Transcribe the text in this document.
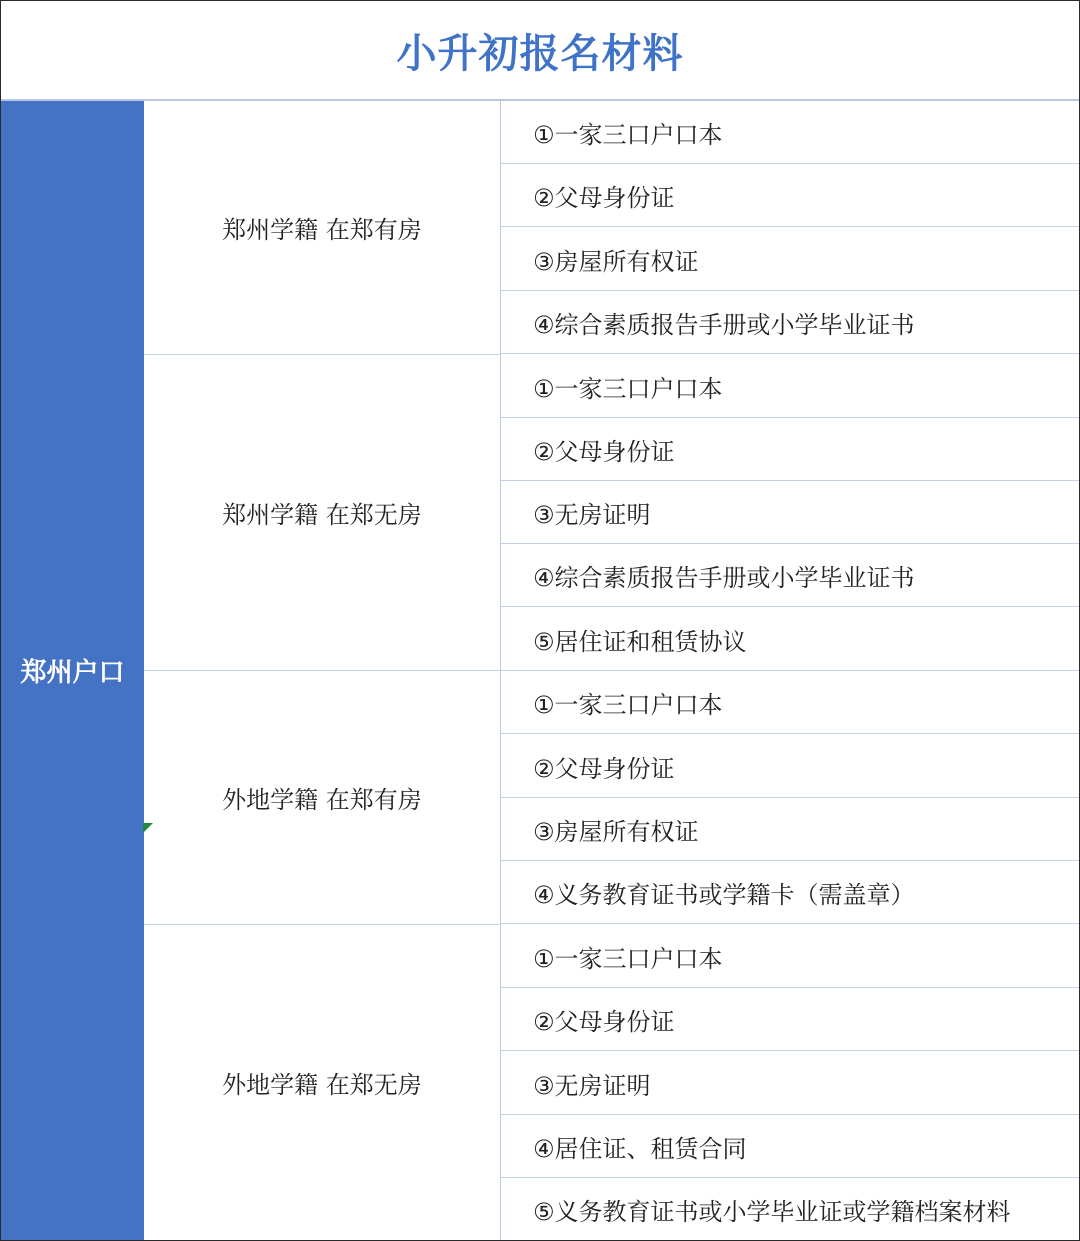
小升初报名材料
郑州户口
郑州学籍 在郑有房
郑州学籍 在郑无房
外地学籍 在郑有房
外地学籍 在郑无房
①一家三口户口本
②父母身份证
③房屋所有权证
④综合素质报告手册或小学毕业证书
①一家三口户口本
②父母身份证
③无房证明
④综合素质报告手册或小学毕业证书
⑤居住证和租赁协议
①一家三口户口本
②父母身份证
③房屋所有权证
④义务教育证书或学籍卡（需盖章）
①一家三口户口本
②父母身份证
③无房证明
④居住证、租赁合同
⑤义务教育证书或小学毕业证或学籍档案材料
